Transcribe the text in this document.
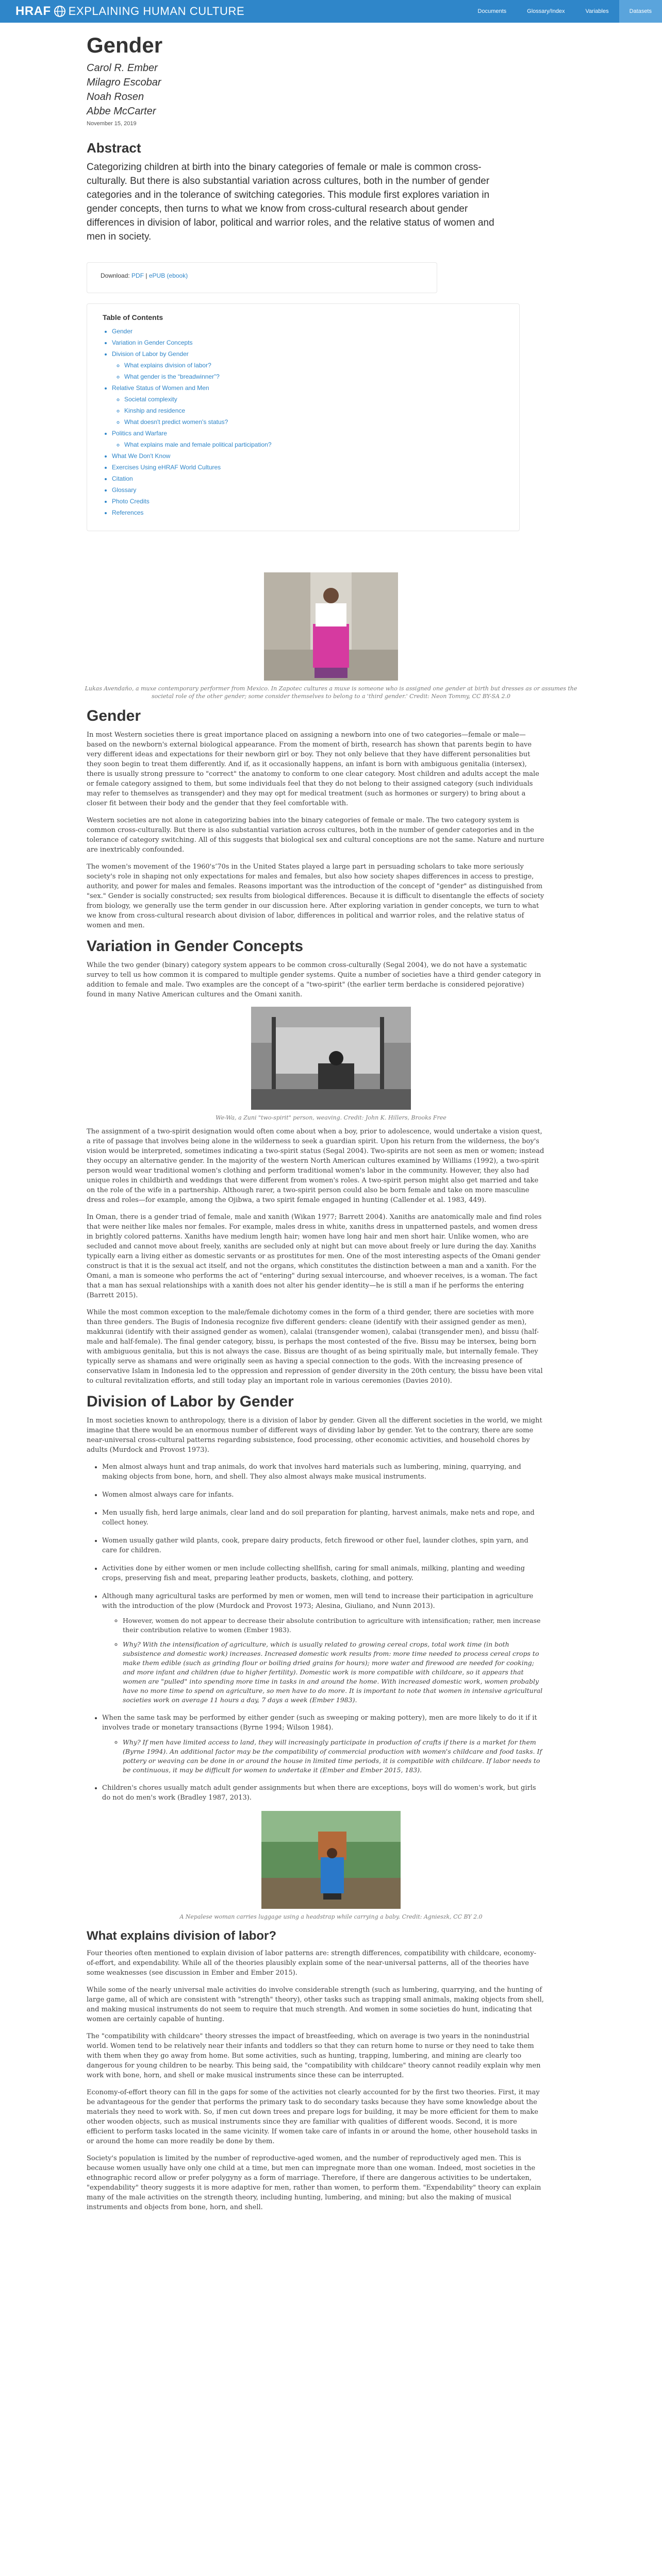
HRAF EXPLAINING HUMAN CULTURE	Documents	Glossary/Index	Variables	Datasets
Gender
Carol R. Ember
Milagro Escobar
Noah Rosen
Abbe McCarter
November 15, 2019
Abstract
Categorizing children at birth into the binary categories of female or male is common cross-culturally. But there is also substantial variation across cultures, both in the number of gender categories and in the tolerance of switching categories. This module first explores variation in gender concepts, then turns to what we know from cross-cultural research about gender differences in division of labor, political and warrior roles, and the relative status of women and men in society.
Download: PDF | ePUB (ebook)
Table of Contents
• Gender
• Variation in Gender Concepts
• Division of Labor by Gender
◦ What explains division of labor?
◦ What gender is the “breadwinner”?
• Relative Status of Women and Men
◦ Societal complexity
◦ Kinship and residence
◦ What doesn't predict women's status?
• Politics and Warfare
◦ What explains male and female political participation?
• What We Don't Know
• Exercises Using eHRAF World Cultures
• Citation
• Glossary
• Photo Credits
• References
Lukas Avendaño, a muxe contemporary performer from Mexico. In Zapotec cultures a muxe is someone who is assigned one gender at birth but dresses as or assumes the societal role of the other gender; some consider themselves to belong to a 'third gender.' Credit: Neon Tommy, CC BY-SA 2.0
Gender

In most Western societies there is great importance placed on assigning a newborn into one of two categories—female or male—based on the newborn's external biological appearance. From the moment of birth, research has shown that parents begin to have very different ideas and expectations for their newborn girl or boy. They not only believe that they have different personalities but they soon begin to treat them differently. And if, as it occasionally happens, an infant is born with ambiguous genitalia (intersex), there is usually strong pressure to "correct" the anatomy to conform to one clear category. Most children and adults accept the male or female category assigned to them, but some individuals feel that they do not belong to their assigned category (such individuals may refer to themselves as transgender) and they may opt for medical treatment (such as hormones or surgery) to bring about a closer fit between their body and the gender that they feel comfortable with.

Western societies are not alone in categorizing babies into the binary categories of female or male. The two category system is common cross-culturally. But there is also substantial variation across cultures, both in the number of gender categories and in the tolerance of category switching. All of this suggests that biological sex and cultural conceptions are not the same. Nature and nurture are inextricably confounded.

The women's movement of the 1960's’70s in the United States played a large part in persuading scholars to take more seriously society's role in shaping not only expectations for males and females, but also how society shapes differences in access to prestige, authority, and power for males and females. Reasons important was the introduction of the concept of "gender" as distinguished from "sex." Gender is socially constructed; sex results from biological differences. Because it is difficult to disentangle the effects of society from biology, we generally use the term gender in our discussion here. After exploring variation in gender concepts, we turn to what we know from cross-cultural research about division of labor, differences in political and warrior roles, and the relative status of women and men.

Variation in Gender Concepts

While the two gender (binary) category system appears to be common cross-culturally (Segal 2004), we do not have a systematic survey to tell us how common it is compared to multiple gender systems. Quite a number of societies have a third gender category in addition to female and male. Two examples are the concept of a "two-spirit" (the earlier term berdache is considered pejorative) found in many Native American cultures and the Omani xanith.

We-Wa, a Zuni "two-spirit" person, weaving. Credit: John K. Hillers, Brooks Free

The assignment of a two-spirit designation would often come about when a boy, prior to adolescence, would undertake a vision quest, a rite of passage that involves being alone in the wilderness to seek a guardian spirit. Upon his return from the wilderness, the boy's vision would be interpreted, sometimes indicating a two-spirit status (Segal 2004). Two-spirits are not seen as men or women; instead they occupy an alternative gender. In the majority of the western North American cultures examined by Williams (1992), a two-spirit person would wear traditional women's clothing and perform traditional women's labor in the community. However, they also had unique roles in childbirth and weddings that were different from women's roles. A two-spirit person might also get married and take on the role of the wife in a partnership. Although rarer, a two-spirit person could also be born female and take on more masculine dress and roles—for example, among the Ojibwa, a two spirit female engaged in hunting (Callender et al. 1983, 449).

In Oman, there is a gender triad of female, male and xanith (Wikan 1977; Barrett 2004). Xaniths are anatomically male and find roles that were neither like males nor females. For example, males dress in white, xaniths dress in unpatterned pastels, and women dress in brightly colored patterns. Xaniths have medium length hair; women have long hair and men short hair. Unlike women, who are secluded and cannot move about freely, xaniths are secluded only at night but can move about freely or lure during the day. Xaniths typically earn a living either as domestic servants or as prostitutes for men. One of the most interesting aspects of the Omani gender construct is that it is the sexual act itself, and not the organs, which constitutes the distinction between a man and a xanith. For the Omani, a man is someone who performs the act of "entering" during sexual intercourse, and whoever receives, is a woman. The fact that a man has sexual relationships with a xanith does not alter his gender identity—he is still a man if he performs the entering (Barrett 2015).

While the most common exception to the male/female dichotomy comes in the form of a third gender, there are societies with more than three genders. The Bugis of Indonesia recognize five different genders: cleane (identify with their assigned gender as men), makkunrai (identify with their assigned gender as women), calalai (transgender women), calabai (transgender men), and bissu (half-male and half-female). The final gender category, bissu, is perhaps the most contested of the five. Bissu may be intersex, being born with ambiguous genitalia, but this is not always the case. Bissus are thought of as being spiritually male, but internally female. They typically serve as shamans and were originally seen as having a special connection to the gods. With the increasing presence of conservative Islam in Indonesia led to the oppression and repression of gender diversity in the 20th century, the bissu have been vital to cultural revitalization efforts, and still today play an important role in various ceremonies (Davies 2010).

Division of Labor by Gender

In most societies known to anthropology, there is a division of labor by gender. Given all the different societies in the world, we might imagine that there would be an enormous number of different ways of dividing labor by gender. Yet to the contrary, there are some near-universal cross-cultural patterns regarding subsistence, food processing, other economic activities, and household chores by adults (Murdock and Provost 1973).

• Men almost always hunt and trap animals, do work that involves hard materials such as lumbering, mining, quarrying, and making objects from bone, horn, and shell. They also almost always make musical instruments.
• Women almost always care for infants.
• Men usually fish, herd large animals, clear land and do soil preparation for planting, harvest animals, make nets and rope, and collect honey.
• Women usually gather wild plants, cook, prepare dairy products, fetch firewood or other fuel, launder clothes, spin yarn, and care for children.
• Activities done by either women or men include collecting shellfish, caring for small animals, milking, planting and weeding crops, preserving fish and meat, preparing leather products, baskets, clothing, and pottery.
• Although many agricultural tasks are performed by men or women, men will tend to increase their participation in agriculture with the introduction of the plow (Murdock and Provost 1973; Alesina, Giuliano, and Nunn 2013).
◦ However, women do not appear to decrease their absolute contribution to agriculture with intensification; rather, men increase their contribution relative to women (Ember 1983).
◦ Why? With the intensification of agriculture, which is usually related to growing cereal crops, total work time (in both subsistence and domestic work) increases. Increased domestic work results from: more time needed to process cereal crops to make them edible (such as grinding flour or boiling dried grains for hours); more water and firewood are needed for cooking; and more infant and children (due to higher fertility). Domestic work is more compatible with childcare, so it appears that women are "pulled" into spending more time in tasks in and around the home. With increased domestic work, women probably have no more time to spend on agriculture, so men have to do more. It is important to note that women in intensive agricultural societies work on average 11 hours a day, 7 days a week (Ember 1983).
• When the same task may be performed by either gender (such as sweeping or making pottery), men are more likely to do it if it involves trade or monetary transactions (Byrne 1994; Wilson 1984).
◦ Why? If men have limited access to land, they will increasingly participate in production of crafts if there is a market for them (Byrne 1994). An additional factor may be the compatibility of commercial production with women's childcare and food tasks. If pottery or weaving can be done in or around the house in limited time periods, it is compatible with childcare. If labor needs to be continuous, it may be difficult for women to undertake it (Ember and Ember 2015, 183).
• Children's chores usually match adult gender assignments but when there are exceptions, boys will do women's work, but girls do not do men's work (Bradley 1987, 2013).
A Nepalese woman carries luggage using a headstrap while carrying a baby. Credit: Agnieszk, CC BY 2.0
What explains division of labor?

Four theories often mentioned to explain division of labor patterns are: strength differences, compatibility with childcare, economy-of-effort, and expendability. While all of the theories plausibly explain some of the near-universal patterns, all of the theories have some weaknesses (see discussion in Ember and Ember 2015).

While some of the nearly universal male activities do involve considerable strength (such as lumbering, quarrying, and the hunting of large game, all of which are consistent with "strength" theory), other tasks such as trapping small animals, making objects from shell, and making musical instruments do not seem to require that much strength. And women in some societies do hunt, indicating that women are certainly capable of hunting.

The "compatibility with childcare" theory stresses the impact of breastfeeding, which on average is two years in the nonindustrial world. Women tend to be relatively near their infants and toddlers so that they can return home to nurse or they need to take them with them when they go away from home. But some activities, such as hunting, trapping, lumbering, and mining are clearly too dangerous for young children to be nearby. This being said, the "compatibility with childcare" theory cannot readily explain why men work with bone, horn, and shell or make musical instruments since these can be interrupted.

Economy-of-effort theory can fill in the gaps for some of the activities not clearly accounted for by the first two theories. First, it may be advantageous for the gender that performs the primary task to do secondary tasks because they have some knowledge about the materials they need to work with. So, if men cut down trees and prepare logs for building, it may be more efficient for them to make other wooden objects, such as musical instruments since they are familiar with qualities of different woods. Second, it is more efficient to perform tasks located in the same vicinity. If women take care of infants in or around the home, other household tasks in or around the home can more readily be done by them.

Society's population is limited by the number of reproductive-aged women, and the number of reproductively aged men. This is because women usually have only one child at a time, but men can impregnate more than one woman. Indeed, most societies in the ethnographic record allow or prefer polygyny as a form of marriage. Therefore, if there are dangerous activities to be undertaken, "expendability" theory suggests it is more adaptive for men, rather than women, to perform them. "Expendability" theory can explain many of the male activities on the strength theory, including hunting, lumbering, and mining; but also the making of musical instruments and objects from bone, horn, and shell.
